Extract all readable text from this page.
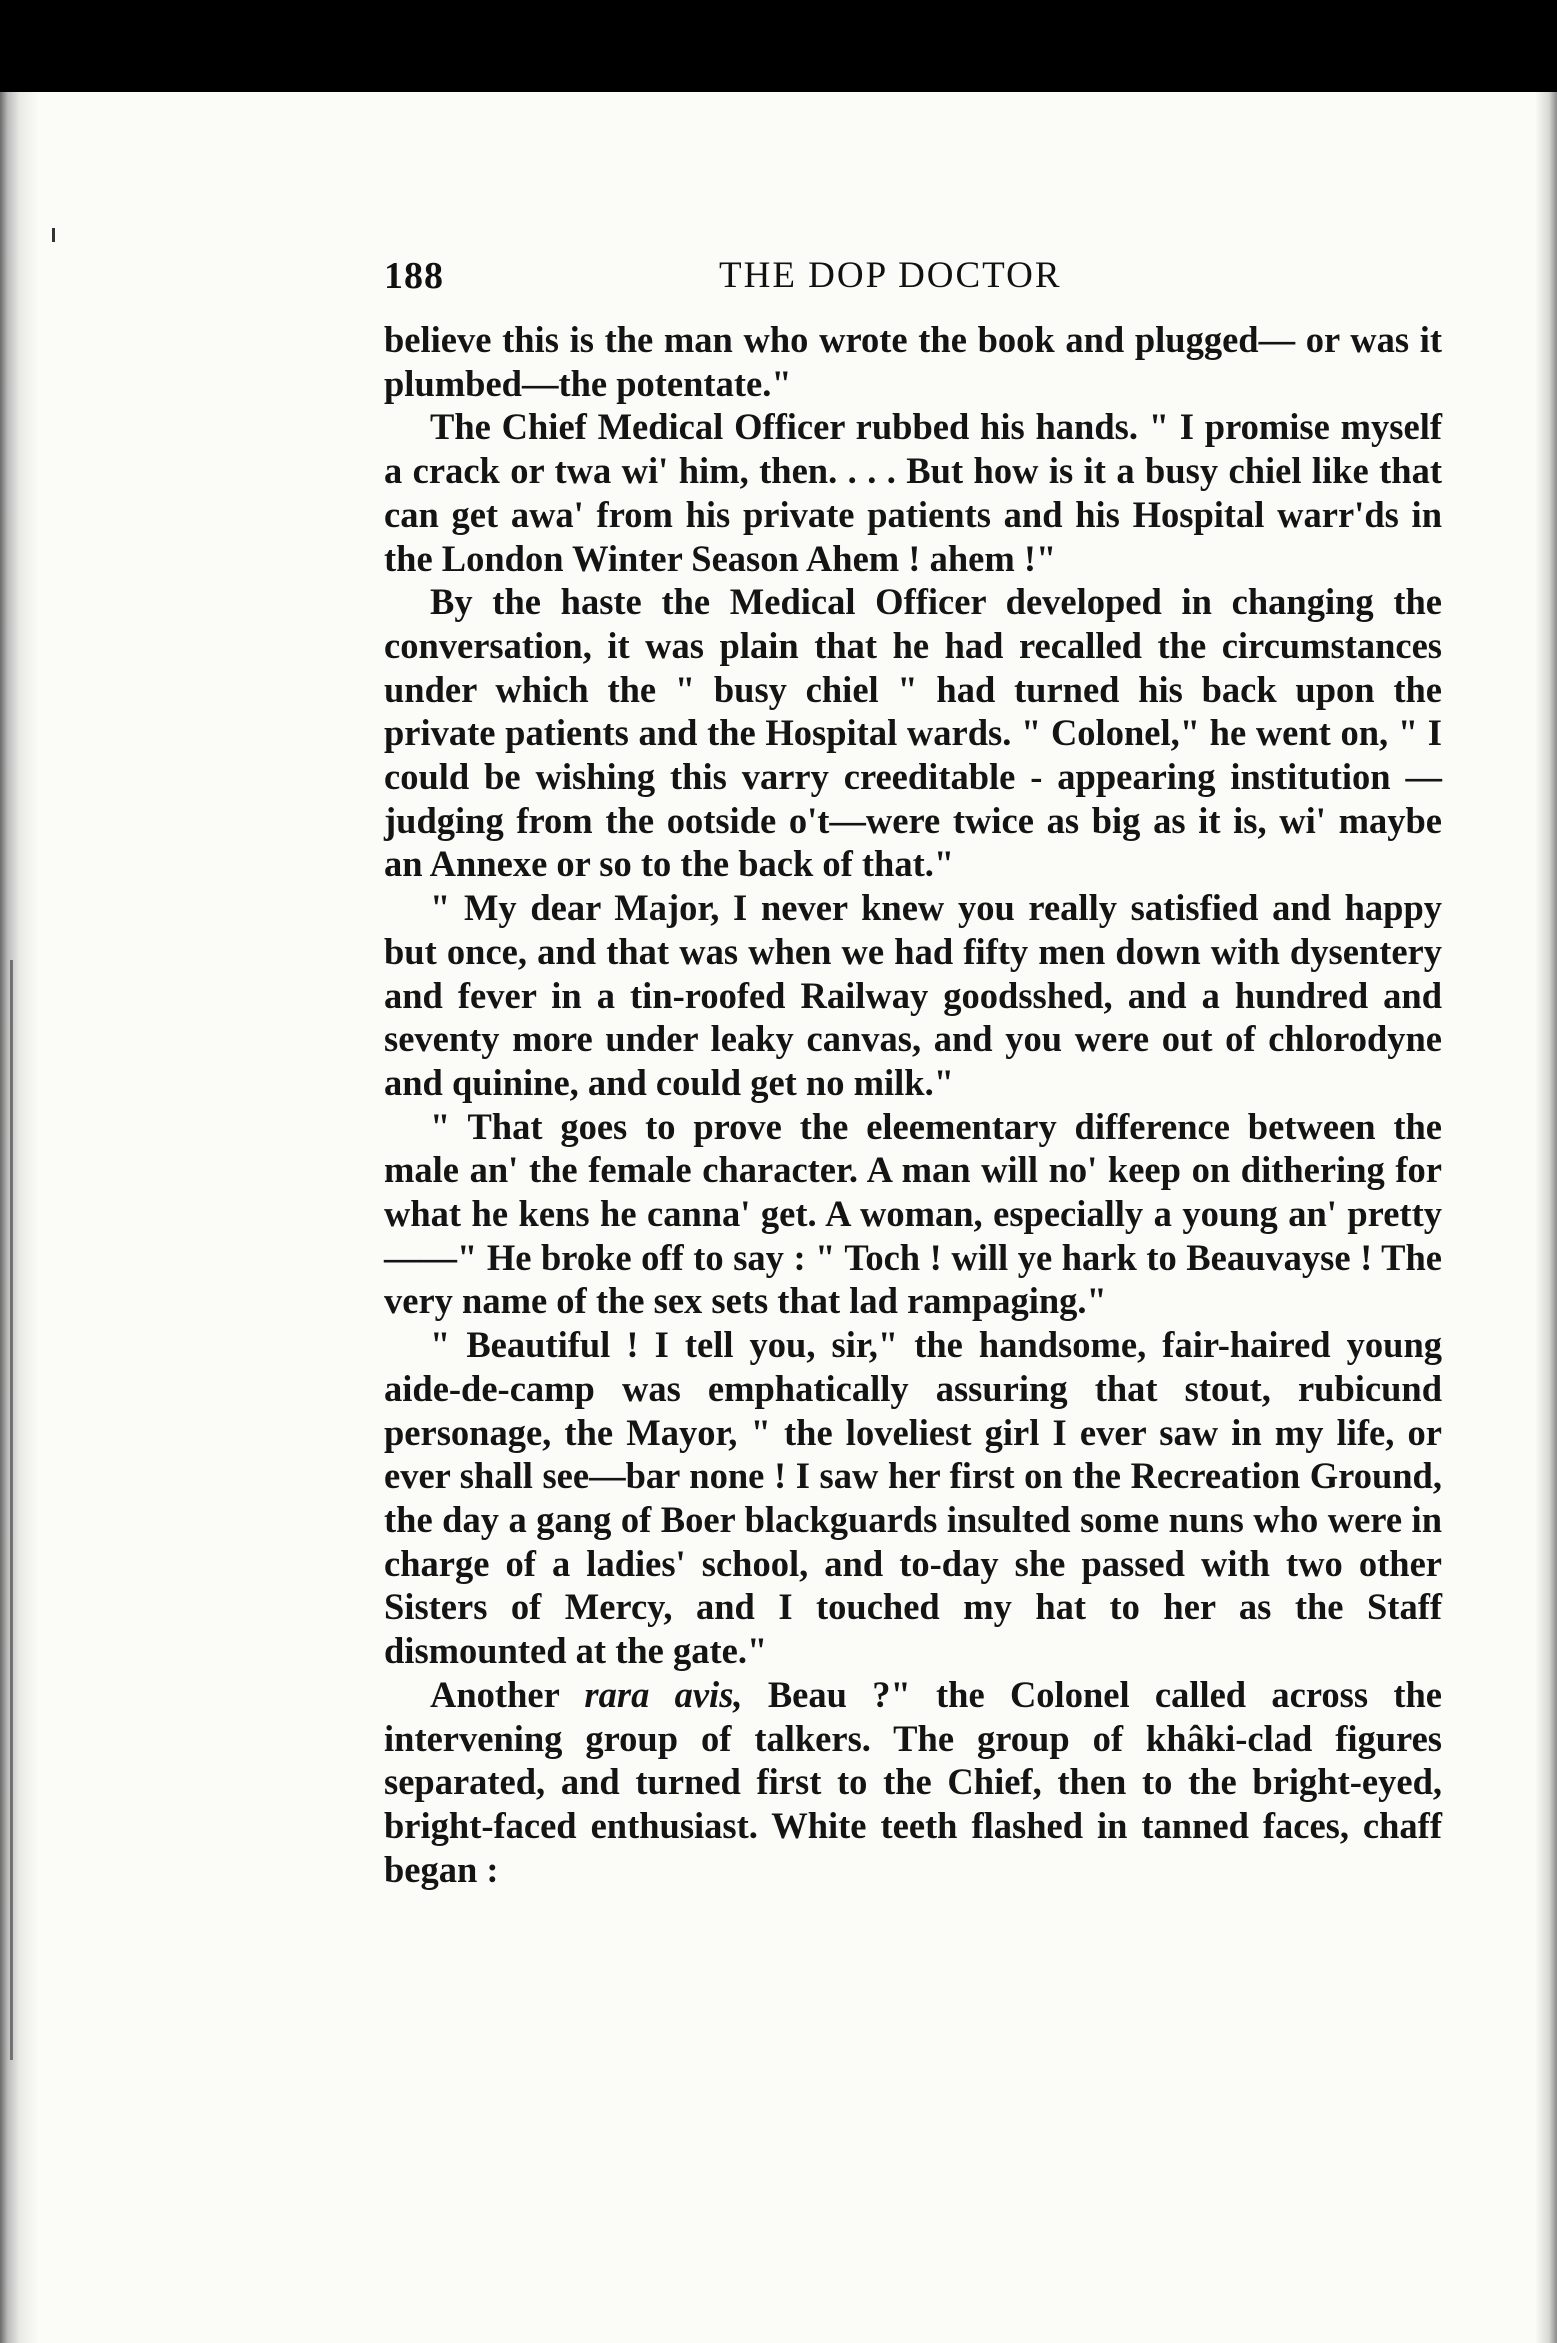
188	THE DOP DOCTOR

believe this is the man who wrote the book and plugged— or was it plumbed—the potentate."

The Chief Medical Officer rubbed his hands. " I promise myself a crack or twa wi' him, then. . . . But how is it a busy chiel like that can get awa' from his private patients and his Hospital warr'ds in the London Winter Season Ahem ! ahem !"

By the haste the Medical Officer developed in changing the conversation, it was plain that he had recalled the circumstances under which the " busy chiel " had turned his back upon the private patients and the Hospital wards. " Colonel," he went on, " I could be wishing this varry creeditable - appearing institution — judging from the ootside o't—were twice as big as it is, wi' maybe an Annexe or so to the back of that."

" My dear Major, I never knew you really satisfied and happy but once, and that was when we had fifty men down with dysentery and fever in a tin-roofed Railway goodsshed, and a hundred and seventy more under leaky canvas, and you were out of chlorodyne and quinine, and could get no milk."

" That goes to prove the eleementary difference between the male an' the female character. A man will no' keep on dithering for what he kens he canna' get. A woman, especially a young an' pretty——" He broke off to say : " Toch ! will ye hark to Beauvayse ! The very name of the sex sets that lad rampaging."

" Beautiful ! I tell you, sir," the handsome, fair-haired young aide-de-camp was emphatically assuring that stout, rubicund personage, the Mayor, " the loveliest girl I ever saw in my life, or ever shall see—bar none ! I saw her first on the Recreation Ground, the day a gang of Boer blackguards insulted some nuns who were in charge of a ladies' school, and to-day she passed with two other Sisters of Mercy, and I touched my hat to her as the Staff dismounted at the gate."

Another rara avis, Beau ?" the Colonel called across the intervening group of talkers. The group of khâki-clad figures separated, and turned first to the Chief, then to the bright-eyed, bright-faced enthusiast. White teeth flashed in tanned faces, chaff began :
